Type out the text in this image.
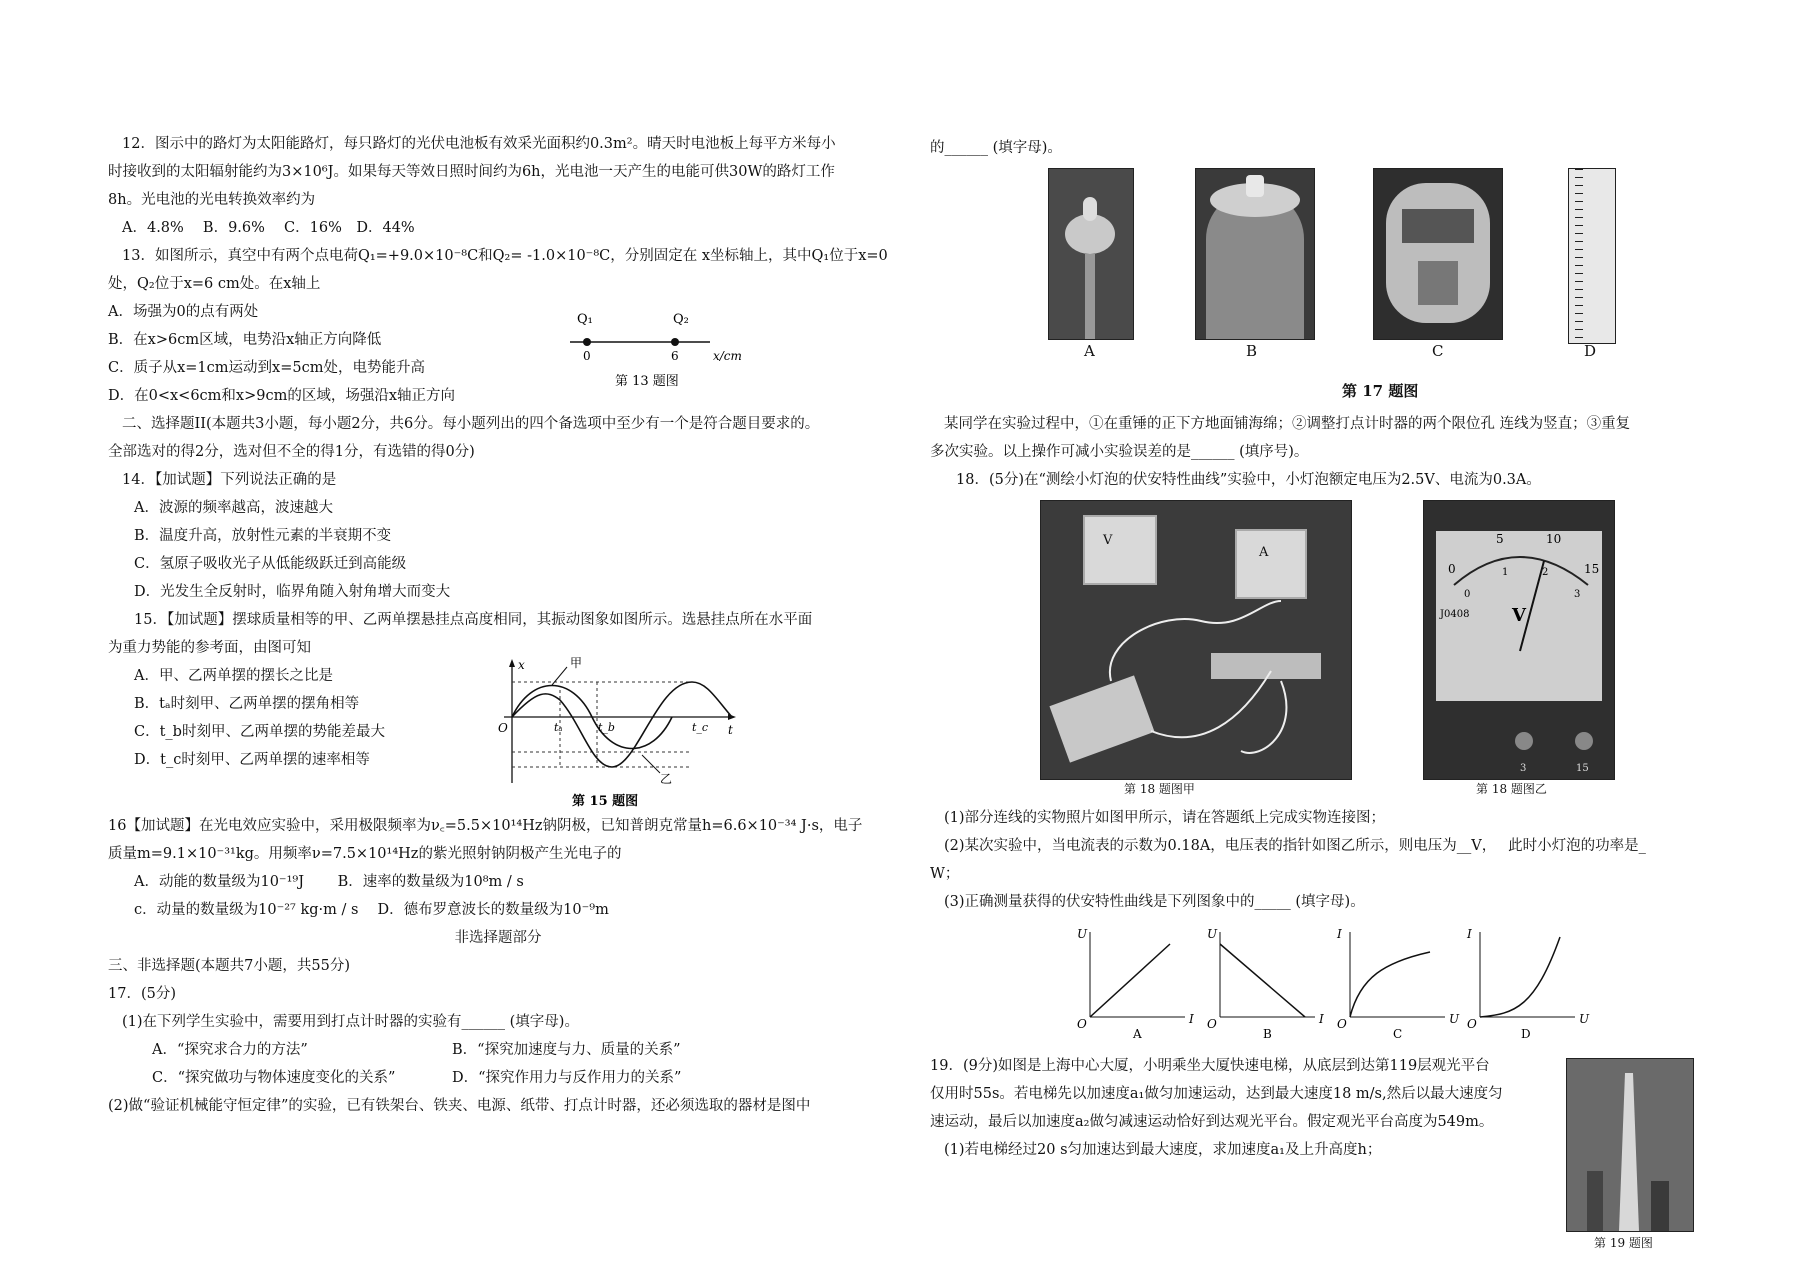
12．图示中的路灯为太阳能路灯，每只路灯的光伏电池板有效采光面积约0.3m²。晴天时电池板上每平方米每小
时接收到的太阳辐射能约为3×10⁶J。如果每天等效日照时间约为6h，光电池一天产生的电能可供30W的路灯工作
8h。光电池的光电转换效率约为
A．4.8%　 B．9.6%　 C．16%　D．44%
13．如图所示，真空中有两个点电荷Q₁=+9.0×10⁻⁸C和Q₂= -1.0×10⁻⁸C，分别固定在 x坐标轴上，其中Q₁位于x=0
处，Q₂位于x=6 cm处。在x轴上
A．场强为0的点有两处
B．在x>6cm区域，电势沿x轴正方向降低
C．质子从x=1cm运动到x=5cm处，电势能升高
D．在0<x<6cm和x>9cm的区域，场强沿x轴正方向
二、选择题II(本题共3小题，每小题2分，共6分。每小题列出的四个备选项中至少有一个是符合题目要求的。
全部选对的得2分，选对但不全的得1分，有选错的得0分)
14．【加试题】下列说法正确的是
A．波源的频率越高，波速越大
B．温度升高，放射性元素的半衰期不变
C．氢原子吸收光子从低能级跃迁到高能级
D．光发生全反射时，临界角随入射角增大而变大
15．【加试题】摆球质量相等的甲、乙两单摆悬挂点高度相同，其振动图象如图所示。选悬挂点所在水平面
为重力势能的参考面，由图可知
A．甲、乙两单摆的摆长之比是
B．tₐ时刻甲、乙两单摆的摆角相等
C．t_b时刻甲、乙两单摆的势能差最大
D．t_c时刻甲、乙两单摆的速率相等
16【加试题】在光电效应实验中，采用极限频率为ν꜀=5.5×10¹⁴Hz钠阴极，已知普朗克常量h=6.6×10⁻³⁴ J·s，电子
质量m=9.1×10⁻³¹kg。用频率ν=7.5×10¹⁴Hz的紫光照射钠阴极产生光电子的
A．动能的数量级为10⁻¹⁹J　　 B．速率的数量级为10⁸m / s
c．动量的数量级为10⁻²⁷ kg·m / s　 D．德布罗意波长的数量级为10⁻⁹m
非选择题部分
三、非选择题(本题共7小题，共55分)
17．(5分)
(1)在下列学生实验中，需要用到打点计时器的实验有______ (填字母)。
A．“探究求合力的方法”	B．“探究加速度与力、质量的关系”
C．“探究做功与物体速度变化的关系”	D．“探究作用力与反作用力的关系”
(2)做“验证机械能守恒定律”的实验，已有铁架台、铁夹、电源、纸带、打点计时器，还必须选取的器材是图中
Q₁	Q₂
0	6	x/cm
第 13 题图
x
t
O
甲
乙
tₐ	t_b	t_c
第 15 题图
的______ (填字母)。
A	B	C	D
第 17 题图
某同学在实验过程中，①在重锤的正下方地面铺海绵；②调整打点计时器的两个限位孔 连线为竖直；③重复
多次实验。以上操作可减小实验误差的是______ (填序号)。
18．(5分)在“测绘小灯泡的伏安特性曲线”实验中，小灯泡额定电压为2.5V、电流为0.3A。
V
A
第 18 题图甲
0
5	10
15
0
1	2
3
V
J0408
3	15
第 18 题图乙
(1)部分连线的实物照片如图甲所示，请在答题纸上完成实物连接图；
(2)某次实验中，当电流表的示数为0.18A，电压表的指针如图乙所示，则电压为__V，　 此时小灯泡的功率是_
W；
(3)正确测量获得的伏安特性曲线是下列图象中的_____ (填字母)。
U
I
O
A
U
I
O
B
I
U
O
C
I
U
O
D
19．(9分)如图是上海中心大厦，小明乘坐大厦快速电梯，从底层到达第119层观光平台
仅用时55s。若电梯先以加速度a₁做匀加速运动，达到最大速度18 m/s,然后以最大速度匀
速运动，最后以加速度a₂做匀减速运动恰好到达观光平台。假定观光平台高度为549m。
(1)若电梯经过20 s匀加速达到最大速度，求加速度a₁及上升高度h；
第 19 题图
